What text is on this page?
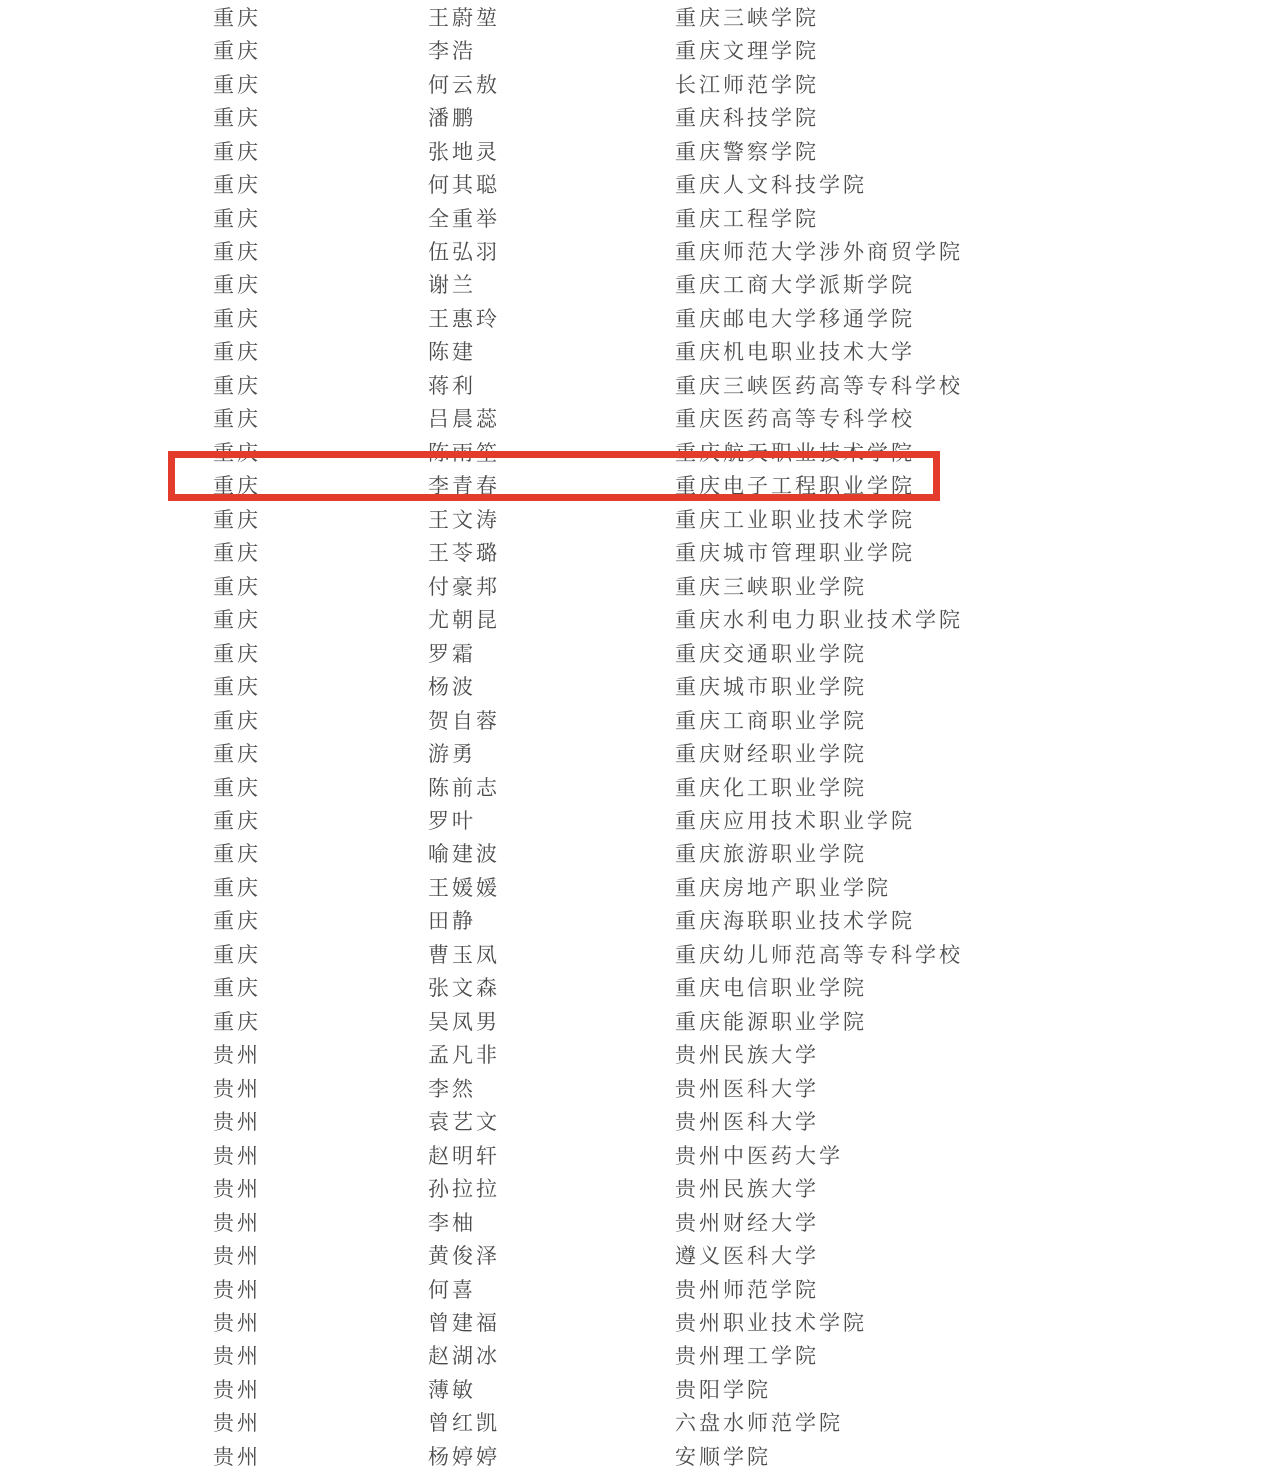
重庆	王蔚堃	重庆三峡学院
重庆	李浩	重庆文理学院
重庆	何云敖	长江师范学院
重庆	潘鹏	重庆科技学院
重庆	张地灵	重庆警察学院
重庆	何其聪	重庆人文科技学院
重庆	全重举	重庆工程学院
重庆	伍弘羽	重庆师范大学涉外商贸学院
重庆	谢兰	重庆工商大学派斯学院
重庆	王惠玲	重庆邮电大学移通学院
重庆	陈建	重庆机电职业技术大学
重庆	蒋利	重庆三峡医药高等专科学校
重庆	吕晨蕊	重庆医药高等专科学校
重庆	陈雨笙	重庆航天职业技术学院
重庆	李青春	重庆电子工程职业学院
重庆	王文涛	重庆工业职业技术学院
重庆	王苓璐	重庆城市管理职业学院
重庆	付豪邦	重庆三峡职业学院
重庆	尤朝昆	重庆水利电力职业技术学院
重庆	罗霜	重庆交通职业学院
重庆	杨波	重庆城市职业学院
重庆	贺自蓉	重庆工商职业学院
重庆	游勇	重庆财经职业学院
重庆	陈前志	重庆化工职业学院
重庆	罗叶	重庆应用技术职业学院
重庆	喻建波	重庆旅游职业学院
重庆	王媛媛	重庆房地产职业学院
重庆	田静	重庆海联职业技术学院
重庆	曹玉凤	重庆幼儿师范高等专科学校
重庆	张文森	重庆电信职业学院
重庆	吴凤男	重庆能源职业学院
贵州	孟凡非	贵州民族大学
贵州	李然	贵州医科大学
贵州	袁艺文	贵州医科大学
贵州	赵明轩	贵州中医药大学
贵州	孙拉拉	贵州民族大学
贵州	李柚	贵州财经大学
贵州	黄俊泽	遵义医科大学
贵州	何喜	贵州师范学院
贵州	曾建福	贵州职业技术学院
贵州	赵湖冰	贵州理工学院
贵州	薄敏	贵阳学院
贵州	曾红凯	六盘水师范学院
贵州	杨婷婷	安顺学院
